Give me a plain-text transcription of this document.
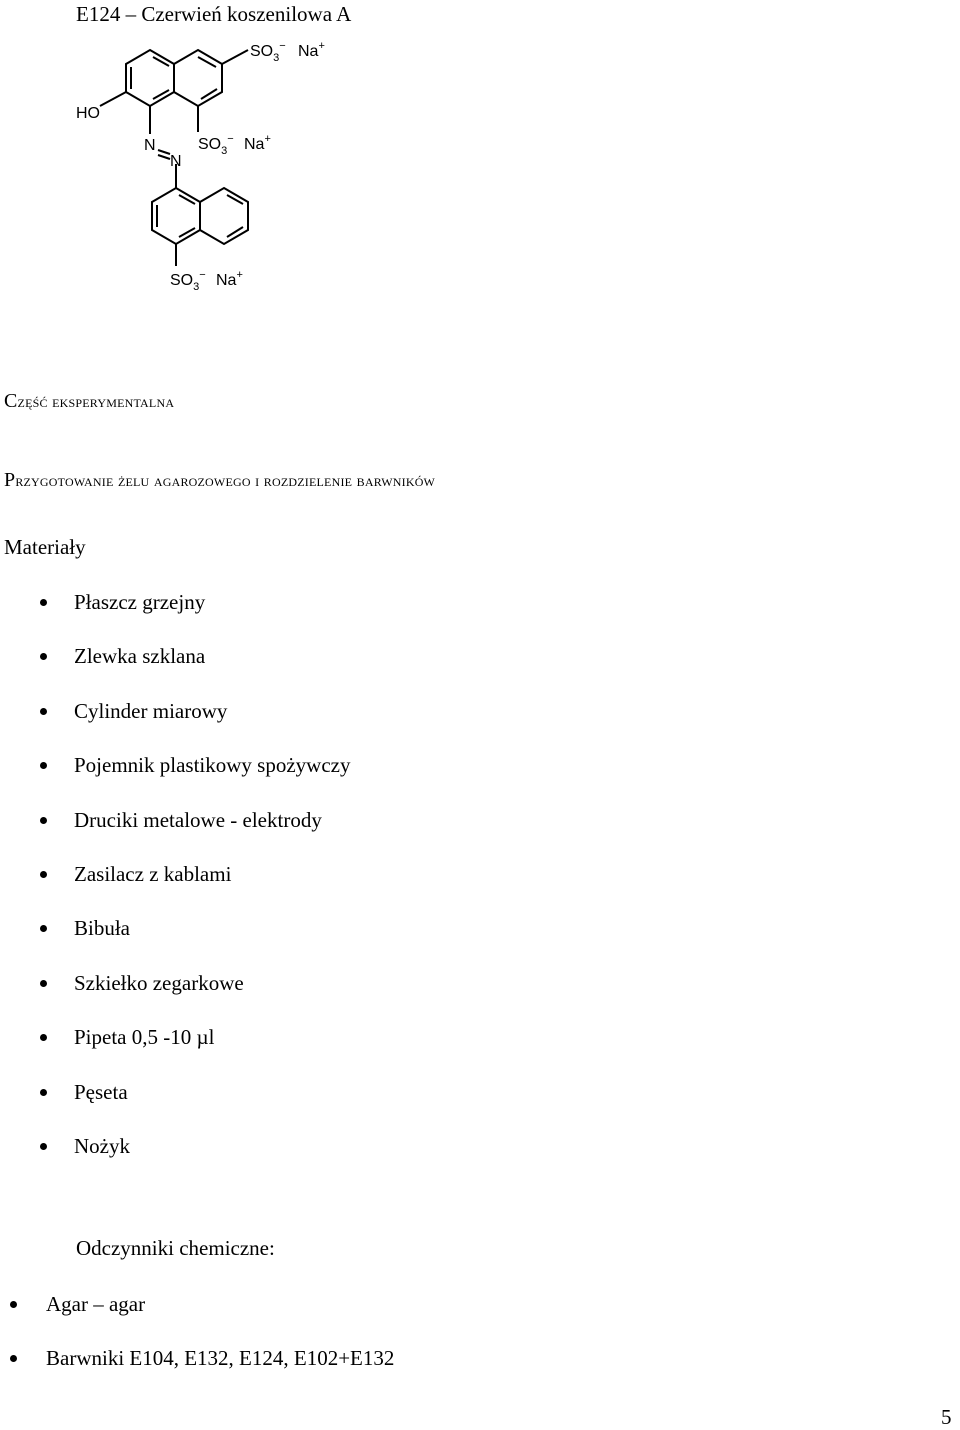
E124 – Czerwień koszenilowa A
HO
N
N
$SO_3^-$ Na+
$SO_3^-$ Na+
$SO_3^-$ Na+
Część eksperymentalna
Przygotowanie żelu agarozowego i rozdzielenie barwników
Materiały
Płaszcz grzejny
Zlewka szklana
Cylinder miarowy
Pojemnik plastikowy spożywczy
Druciki metalowe - elektrody
Zasilacz z kablami
Bibuła
Szkiełko zegarkowe
Pipeta 0,5 -10 µl
Pęseta
Nożyk
Odczynniki chemiczne:
Agar – agar
Barwniki E104, E132, E124, E102+E132
5
